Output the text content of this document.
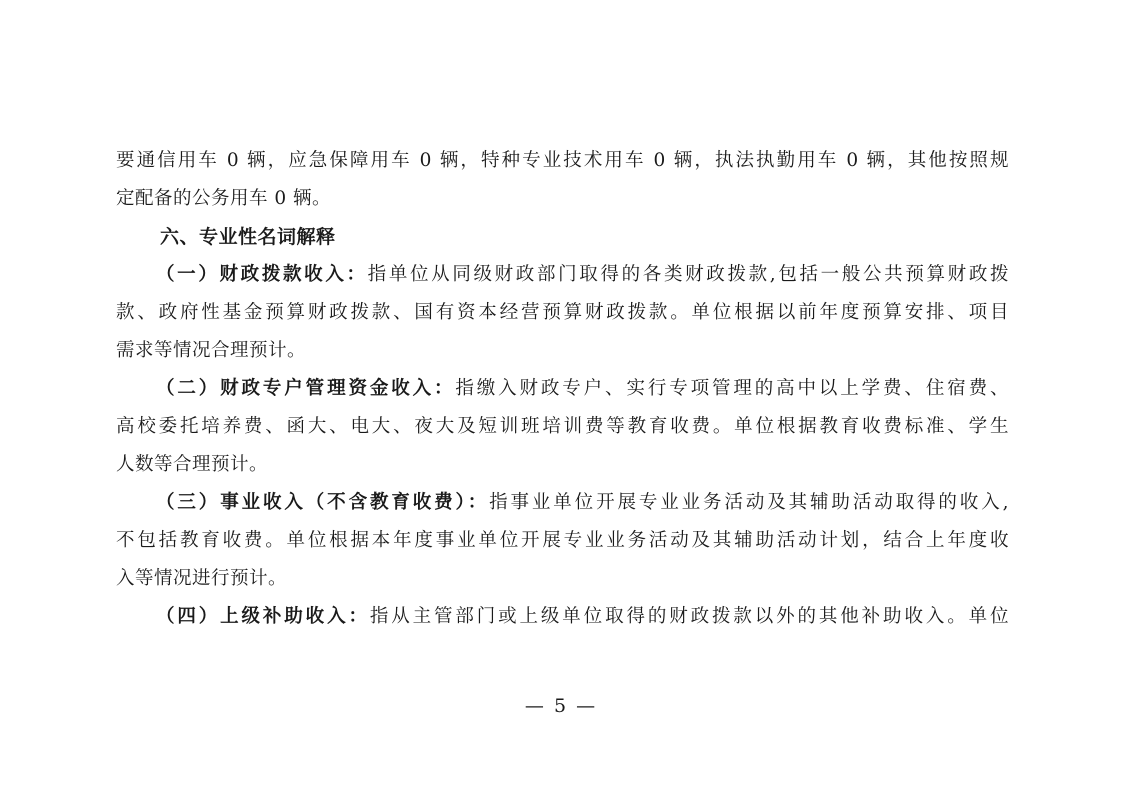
要通信用车 0 辆，应急保障用车 0 辆，特种专业技术用车 0 辆，执法执勤用车 0 辆，其他按照规
定配备的公务用车 0 辆。
六、专业性名词解释
（一）财政拨款收入：指单位从同级财政部门取得的各类财政拨款,包括一般公共预算财政拨
款、政府性基金预算财政拨款、国有资本经营预算财政拨款。单位根据以前年度预算安排、项目
需求等情况合理预计。
（二）财政专户管理资金收入：指缴入财政专户、实行专项管理的高中以上学费、住宿费、
高校委托培养费、函大、电大、夜大及短训班培训费等教育收费。单位根据教育收费标准、学生
人数等合理预计。
（三）事业收入（不含教育收费）：指事业单位开展专业业务活动及其辅助活动取得的收入,
不包括教育收费。单位根据本年度事业单位开展专业业务活动及其辅助活动计划，结合上年度收
入等情况进行预计。
（四）上级补助收入：指从主管部门或上级单位取得的财政拨款以外的其他补助收入。单位
— 5 —
